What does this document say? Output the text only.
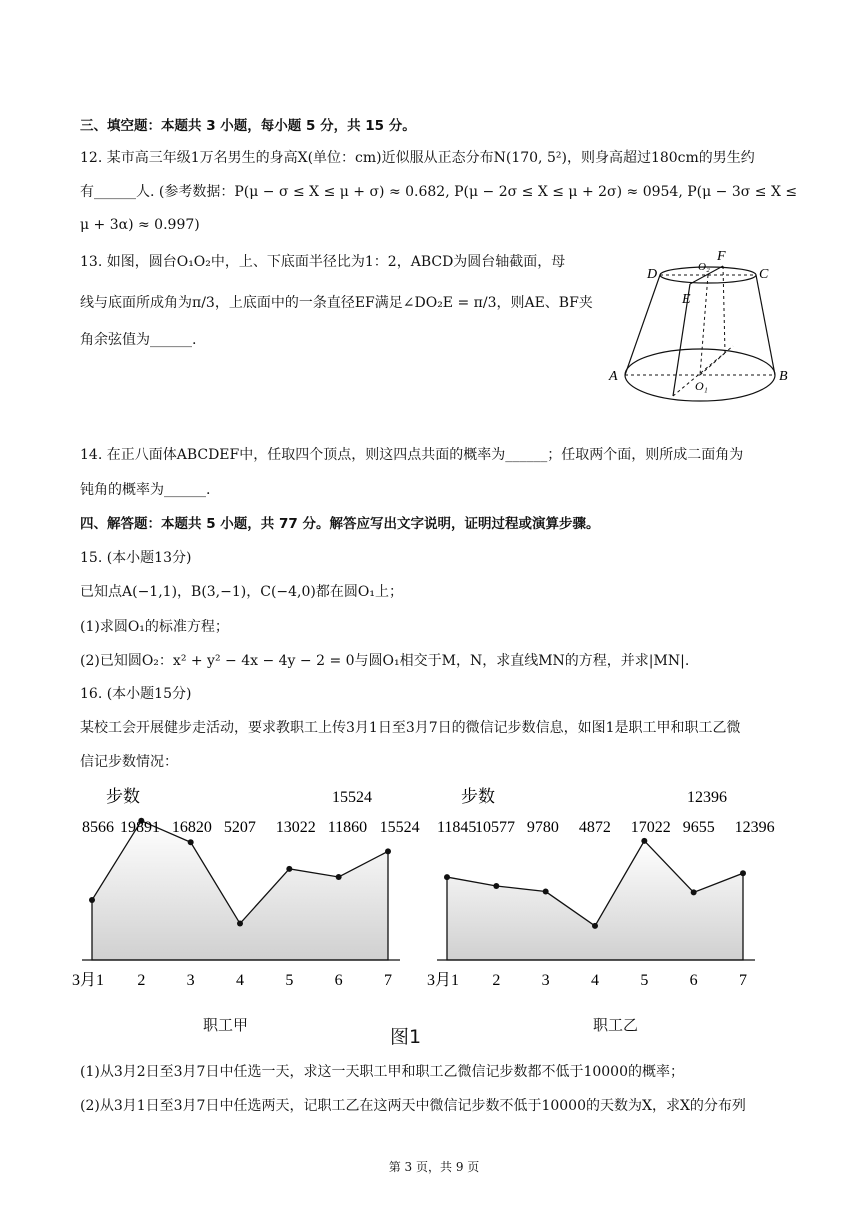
三、填空题：本题共 3 小题，每小题 5 分，共 15 分。
12. 某市高三年级1万名男生的身高X(单位：cm)近似服从正态分布N(170, 5²)，则身高超过180cm的男生约
有______人. (参考数据：P(μ − σ ≤ X ≤ μ + σ) ≈ 0.682, P(μ − 2σ ≤ X ≤ μ + 2σ) ≈ 0954, P(μ − 3σ ≤ X ≤
μ + 3α) ≈ 0.997)
13. 如图，圆台O₁O₂中，上、下底面半径比为1：2，ABCD为圆台轴截面，母
线与底面所成角为π/3，上底面中的一条直径EF满足∠DO₂E = π/3，则AE、BF夹
角余弦值为______.
D	O₂
F
C
E
A
O₁
B
14. 在正八面体ABCDEF中，任取四个顶点，则这四点共面的概率为______；任取两个面，则所成二面角为
钝角的概率为______.
四、解答题：本题共 5 小题，共 77 分。解答应写出文字说明，证明过程或演算步骤。
15. (本小题13分)
已知点A(−1,1)，B(3,−1)，C(−4,0)都在圆O₁上；
(1)求圆O₁的标准方程；
(2)已知圆O₂：x² + y² − 4x − 4y − 2 = 0与圆O₁相交于M，N，求直线MN的方程，并求|MN|.
16. (本小题15分)
某校工会开展健步走活动，要求教职工上传3月1日至3月7日的微信记步数信息，如图1是职工甲和职工乙微
信记步数情况：
步数	15524
8566 19891 16820 5207 13022 11860 15524
3月1 2	3	4	5	6	7
步数	12396
11845
10577 9780 4872 17022 9655 12396
3月1 2	3	4	5	6	7
职工甲
图1
职工乙
(1)从3月2日至3月7日中任选一天，求这一天职工甲和职工乙微信记步数都不低于10000的概率；
(2)从3月1日至3月7日中任选两天，记职工乙在这两天中微信记步数不低于10000的天数为X，求X的分布列
第 3 页，共 9 页
